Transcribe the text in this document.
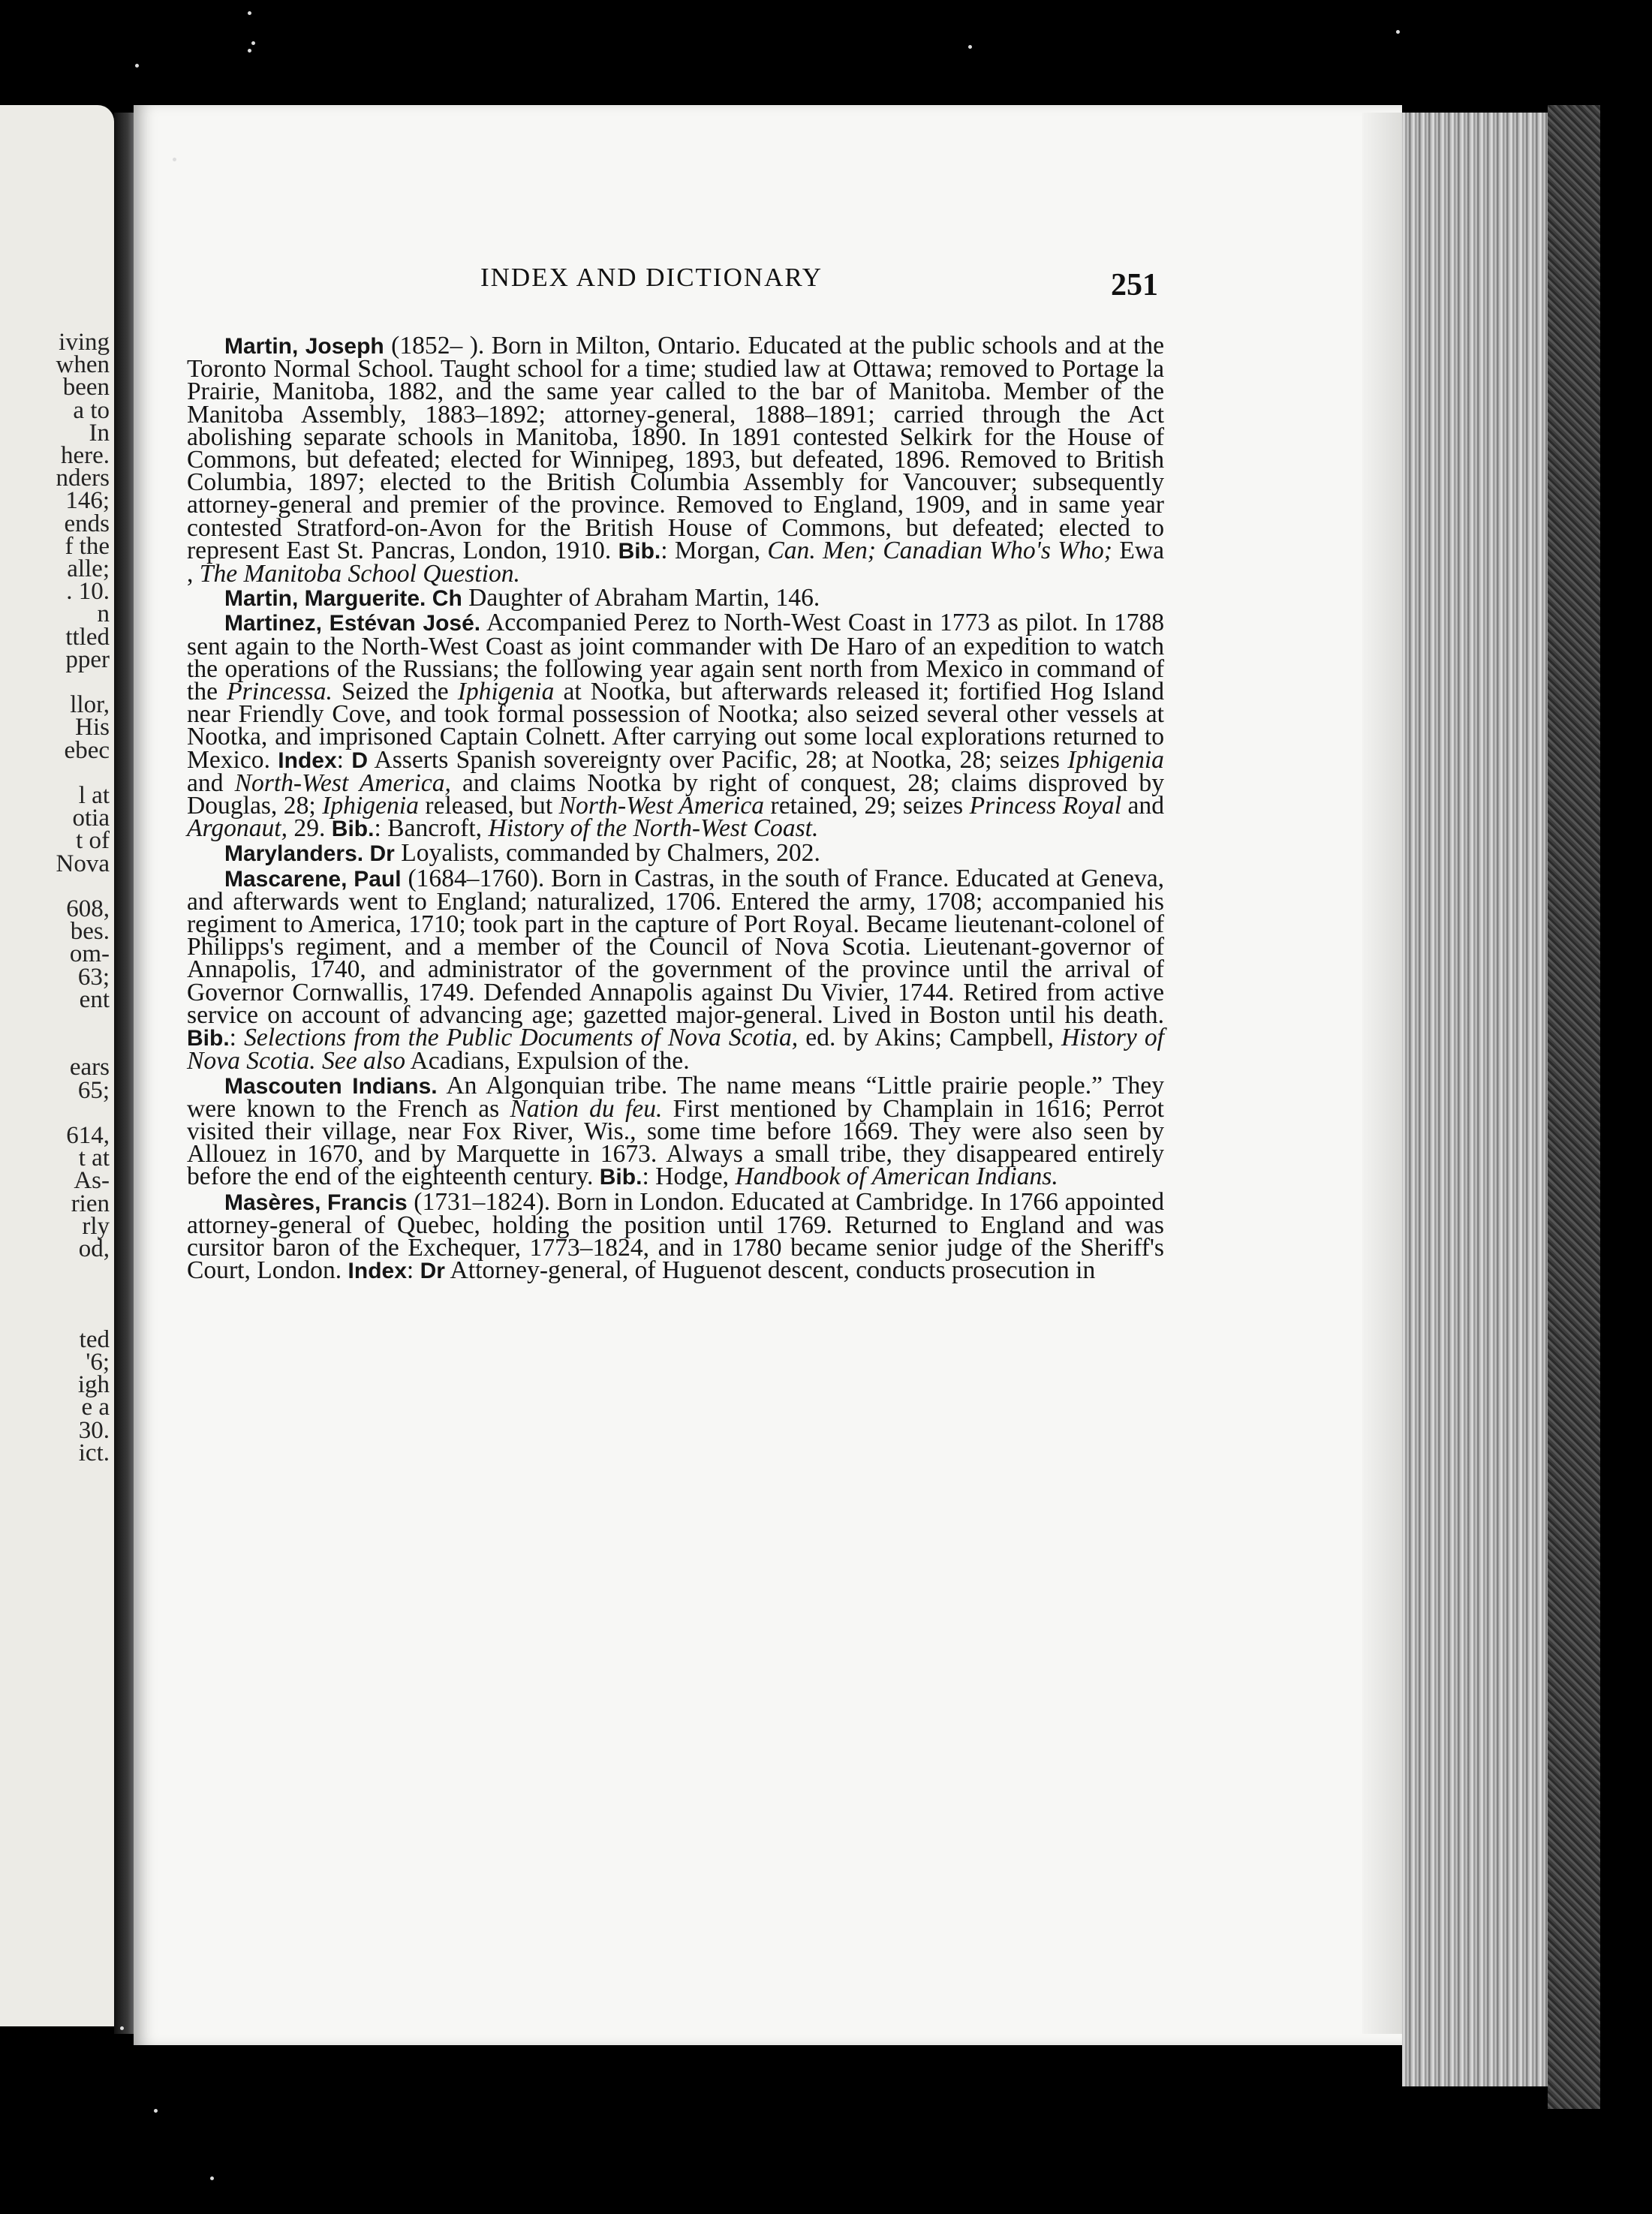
iving
when
been
a to
In
here.
nders
146;
ends
f the
alle;
. 10.
n
ttled
pper
llor,
His
ebec
l at
otia
t of
Nova
608,
bes.
om-
63;
ent
ears
65;
614,
t at
As-
rien
rly
od,
ted
'6;
igh
e a
30.
ict.
INDEX AND DICTIONARY	251

Martin, Joseph (1852– ). Born in Milton, Ontario. Educated at the public schools and at the Toronto Normal School. Taught school for a time; studied law at Ottawa; removed to Portage la Prairie, Manitoba, 1882, and the same year called to the bar of Manitoba. Member of the Manitoba Assembly, 1883–1892; attorney-general, 1888–1891; carried through the Act abolishing separate schools in Manitoba, 1890. In 1891 contested Selkirk for the House of Commons, but defeated; elected for Winnipeg, 1893, but defeated, 1896. Removed to British Columbia, 1897; elected to the British Columbia Assembly for Vancouver; subsequently attorney-general and premier of the province. Removed to England, 1909, and in same year contested Stratford-on-Avon for the British House of Commons, but defeated; elected to represent East St. Pancras, London, 1910. Bib.: Morgan, Can. Men; Canadian Who's Who; Ewa , The Manitoba School Question.

Martin, Marguerite. Ch Daughter of Abraham Martin, 146.

Martinez, Estévan José. Accompanied Perez to North-West Coast in 1773 as pilot. In 1788 sent again to the North-West Coast as joint commander with De Haro of an expedition to watch the operations of the Russians; the following year again sent north from Mexico in command of the Princessa. Seized the Iphigenia at Nootka, but afterwards released it; fortified Hog Island near Friendly Cove, and took formal possession of Nootka; also seized several other vessels at Nootka, and imprisoned Captain Colnett. After carrying out some local explorations returned to Mexico. Index: D Asserts Spanish sovereignty over Pacific, 28; at Nootka, 28; seizes Iphigenia and North-West America, and claims Nootka by right of conquest, 28; claims disproved by Douglas, 28; Iphigenia released, but North-West America retained, 29; seizes Princess Royal and Argonaut, 29. Bib.: Bancroft, History of the North-West Coast.

Marylanders. Dr Loyalists, commanded by Chalmers, 202.

Mascarene, Paul (1684–1760). Born in Castras, in the south of France. Educated at Geneva, and afterwards went to England; naturalized, 1706. Entered the army, 1708; accompanied his regiment to America, 1710; took part in the capture of Port Royal. Became lieutenant-colonel of Philipps's regiment, and a member of the Council of Nova Scotia. Lieutenant-governor of Annapolis, 1740, and administrator of the government of the province until the arrival of Governor Cornwallis, 1749. Defended Annapolis against Du Vivier, 1744. Retired from active service on account of advancing age; gazetted major-general. Lived in Boston until his death. Bib.: Selections from the Public Documents of Nova Scotia, ed. by Akins; Campbell, History of Nova Scotia. See also Acadians, Expulsion of the.

Mascouten Indians. An Algonquian tribe. The name means “Little prairie people.” They were known to the French as Nation du feu. First mentioned by Champlain in 1616; Perrot visited their village, near Fox River, Wis., some time before 1669. They were also seen by Allouez in 1670, and by Marquette in 1673. Always a small tribe, they disappeared entirely before the end of the eighteenth century. Bib.: Hodge, Handbook of American Indians.

Masères, Francis (1731–1824). Born in London. Educated at Cambridge. In 1766 appointed attorney-general of Quebec, holding the position until 1769. Returned to England and was cursitor baron of the Exchequer, 1773–1824, and in 1780 became senior judge of the Sheriff's Court, London. Index: Dr Attorney-general, of Huguenot descent, conducts prosecution in
